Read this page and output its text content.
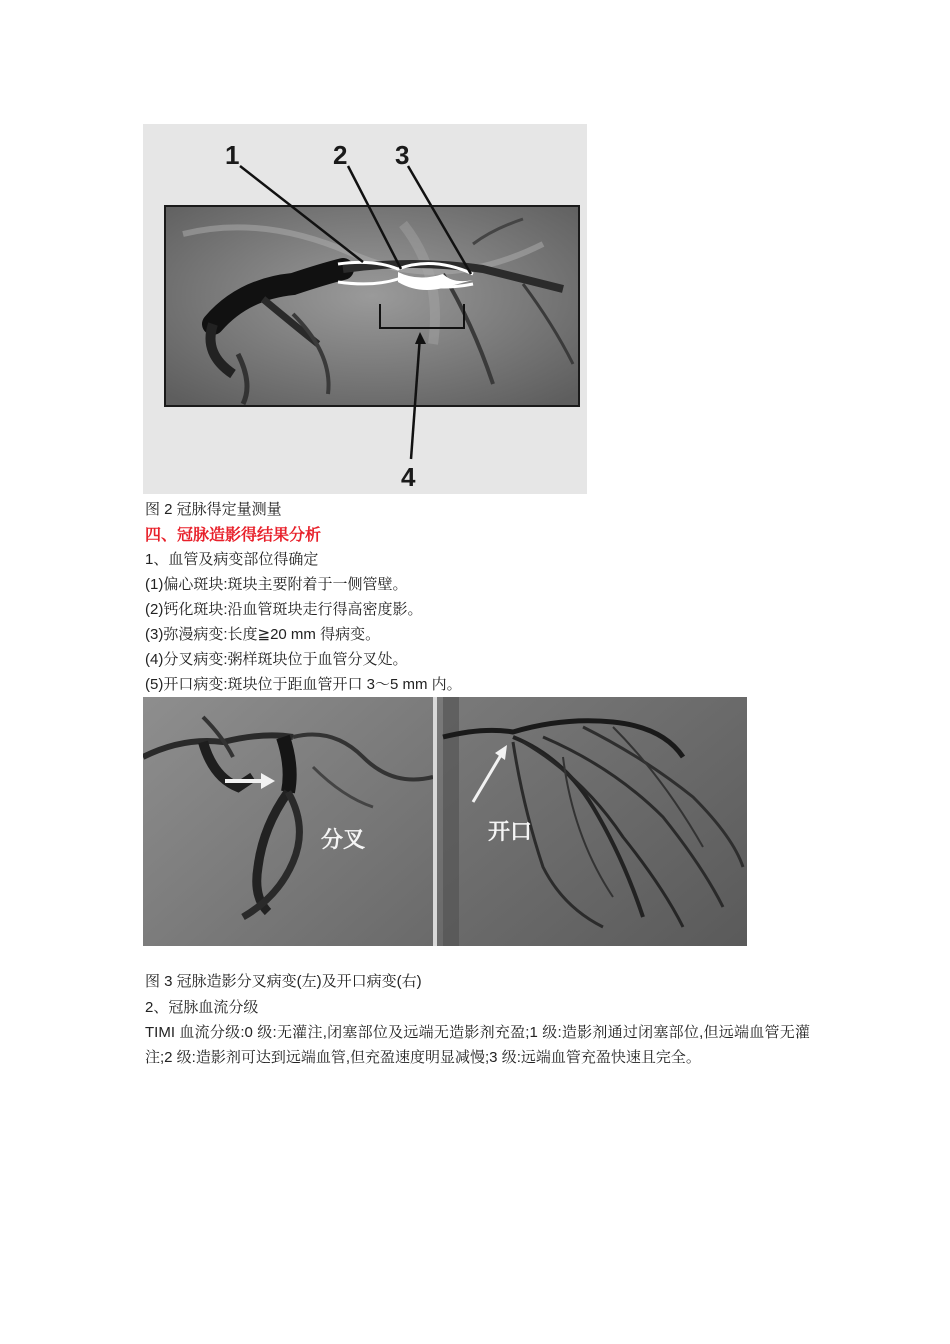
1	2 3
4
图 2 冠脉得定量测量
四、冠脉造影得结果分析
1、血管及病变部位得确定
(1)偏心斑块:斑块主要附着于一侧管壁。
(2)钙化斑块:沿血管斑块走行得高密度影。
(3)弥漫病变:长度≧20 mm 得病变。
(4)分叉病变:粥样斑块位于血管分叉处。
(5)开口病变:斑块位于距血管开口 3～5 mm 内。
分叉	开口
图 3 冠脉造影分叉病变(左)及开口病变(右)
2、冠脉血流分级
TIMI 血流分级:0 级:无灌注,闭塞部位及远端无造影剂充盈;1 级:造影剂通过闭塞部位,但远端血管无灌注;2 级:造影剂可达到远端血管,但充盈速度明显减慢;3 级:远端血管充盈快速且完全。
